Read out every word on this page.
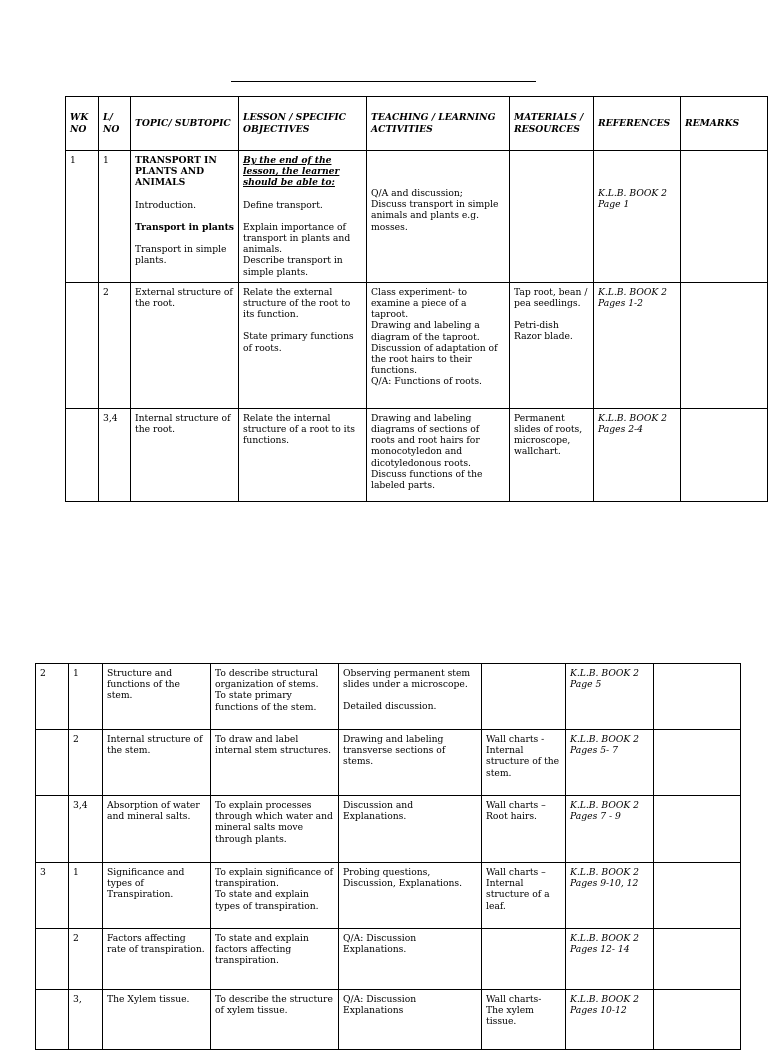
WK NO	L/ NO	TOPIC/ SUBTOPIC	LESSON / SPECIFIC OBJECTIVES	TEACHING / LEARNING ACTIVITIES	MATERIALS / RESOURCES	REFERENCES	REMARKS
1	1	TRANSPORT IN PLANTS AND ANIMALS
Introduction.
Transport in plants
Transport in simple plants.	By the end of the lesson, the learner should be able to:
Define transport.
Explain importance of transport in plants and animals.
Describe transport in simple plants.	Q/A and discussion;
Discuss transport in simple animals and plants e.g. mosses.		K.L.B. BOOK 2
Page 1	

	2	External structure of the root.	Relate the external structure of the root to its function.
State primary functions of roots.	Class experiment- to examine a piece of a taproot.
Drawing and labeling a diagram of the taproot.
Discussion of adaptation of the root hairs to their functions.
Q/A: Functions of roots.	Tap root, bean / pea seedlings.
Petri-dish
Razor blade.	K.L.B. BOOK 2
Pages 1-2	

	3,4	Internal structure of the root.	Relate the internal structure of a root to its functions.	Drawing and labeling diagrams of sections of roots and root hairs for monocotyledon and dicotyledonous roots.
Discuss functions of the labeled parts.	Permanent slides of roots, microscope, wallchart.	K.L.B. BOOK 2
Pages 2-4	

2	1	Structure and functions of the stem.	To describe structural organization of stems.
To state primary functions of the stem.	Observing permanent stem slides under a microscope.
Detailed discussion.		K.L.B. BOOK 2
Page 5	

	2	Internal structure of the stem.	To draw and label internal stem structures.	Drawing and labeling transverse sections of stems.	Wall charts - Internal structure of the stem.	K.L.B. BOOK 2
Pages 5- 7	

	3,4	Absorption of water and mineral salts.	To explain processes through which water and mineral salts move through plants.	Discussion and Explanations.	Wall charts – Root hairs.	K.L.B. BOOK 2
Pages 7 - 9	

3	1	Significance and types of Transpiration.	To explain significance of transpiration.
To state and explain types of transpiration.	Probing questions, Discussion, Explanations.	Wall charts – Internal structure of a leaf.	K.L.B. BOOK 2
Pages 9-10, 12	

	2	Factors affecting rate of transpiration.	To state and explain factors affecting transpiration.	Q/A: Discussion Explanations.		K.L.B. BOOK 2
Pages 12- 14	

	3,	The Xylem tissue.	To describe the structure of xylem tissue.	Q/A: Discussion Explanations	Wall charts- The xylem tissue.	K.L.B. BOOK 2
Pages 10-12	
